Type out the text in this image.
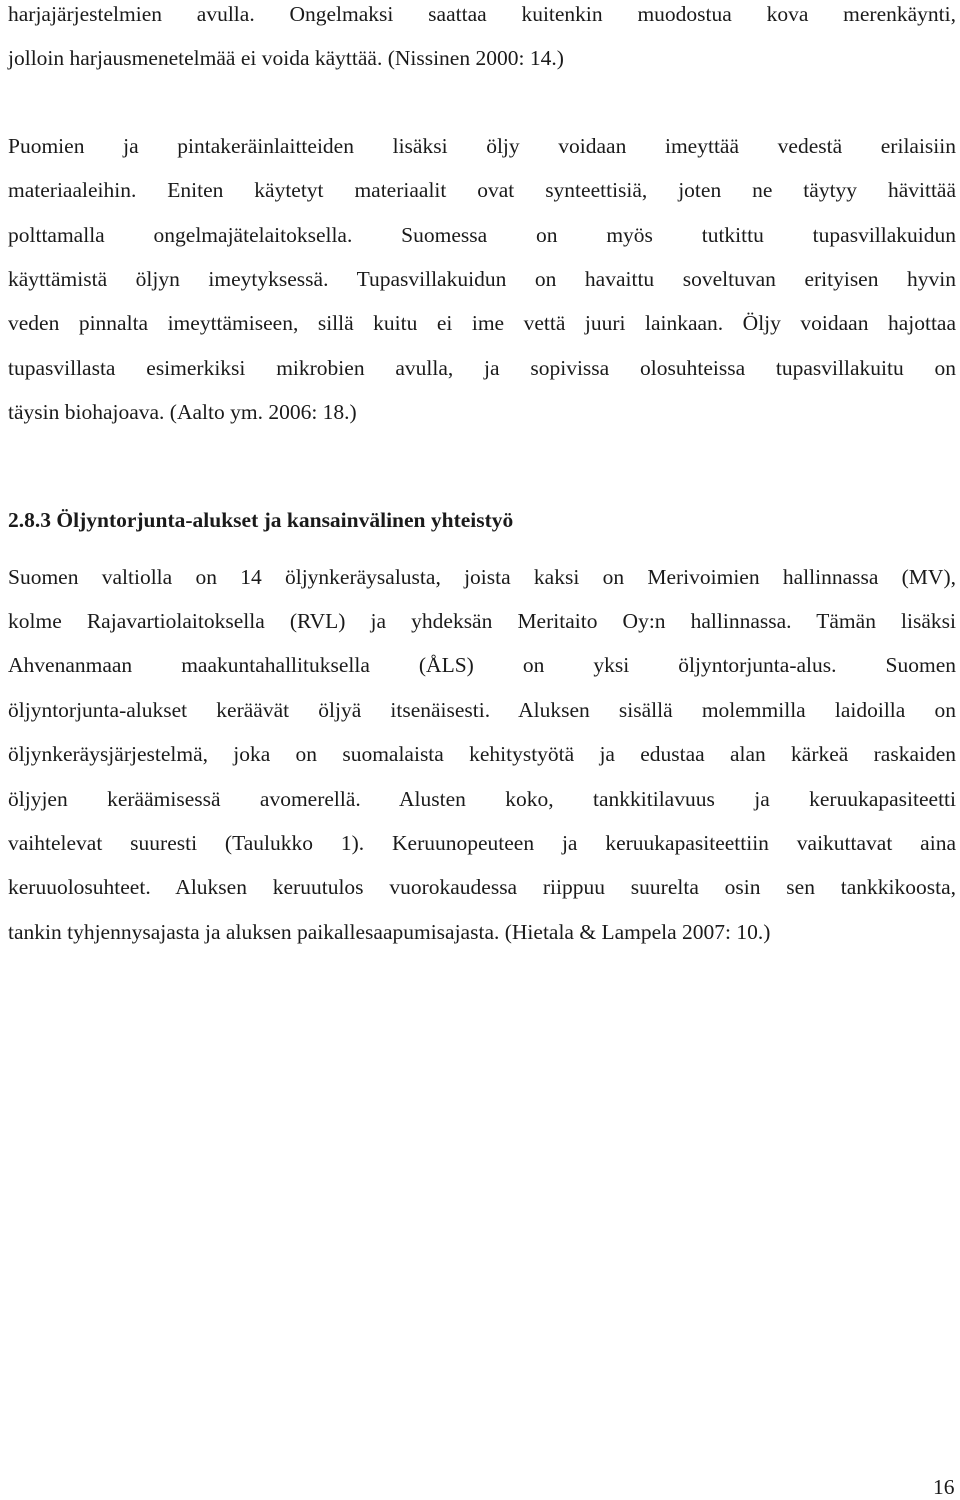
harjajärjestelmien avulla. Ongelmaksi saattaa kuitenkin muodostua kova merenkäynti,
jolloin harjausmenetelmää ei voida käyttää. (Nissinen 2000: 14.)
Puomien ja pintakeräinlaitteiden lisäksi öljy voidaan imeyttää vedestä erilaisiin
materiaaleihin. Eniten käytetyt materiaalit ovat synteettisiä, joten ne täytyy hävittää
polttamalla ongelmajätelaitoksella. Suomessa on myös tutkittu tupasvillakuidun
käyttämistä öljyn imeytyksessä. Tupasvillakuidun on havaittu soveltuvan erityisen hyvin
veden pinnalta imeyttämiseen, sillä kuitu ei ime vettä juuri lainkaan. Öljy voidaan hajottaa
tupasvillasta esimerkiksi mikrobien avulla, ja sopivissa olosuhteissa tupasvillakuitu on
täysin biohajoava. (Aalto ym. 2006: 18.)
2.8.3 Öljyntorjunta-alukset ja kansainvälinen yhteistyö
Suomen valtiolla on 14 öljynkeräysalusta, joista kaksi on Merivoimien hallinnassa (MV),
kolme Rajavartiolaitoksella (RVL) ja yhdeksän Meritaito Oy:n hallinnassa. Tämän lisäksi
Ahvenanmaan maakuntahallituksella (ÅLS) on yksi öljyntorjunta-alus. Suomen
öljyntorjunta-alukset keräävät öljyä itsenäisesti. Aluksen sisällä molemmilla laidoilla on
öljynkeräysjärjestelmä, joka on suomalaista kehitystyötä ja edustaa alan kärkeä raskaiden
öljyjen keräämisessä avomerellä. Alusten koko, tankkitilavuus ja keruukapasiteetti
vaihtelevat suuresti (Taulukko 1). Keruunopeuteen ja keruukapasiteettiin vaikuttavat aina
keruuolosuhteet. Aluksen keruutulos vuorokaudessa riippuu suurelta osin sen tankkikoosta,
tankin tyhjennysajasta ja aluksen paikallesaapumisajasta. (Hietala & Lampela 2007: 10.)
16
